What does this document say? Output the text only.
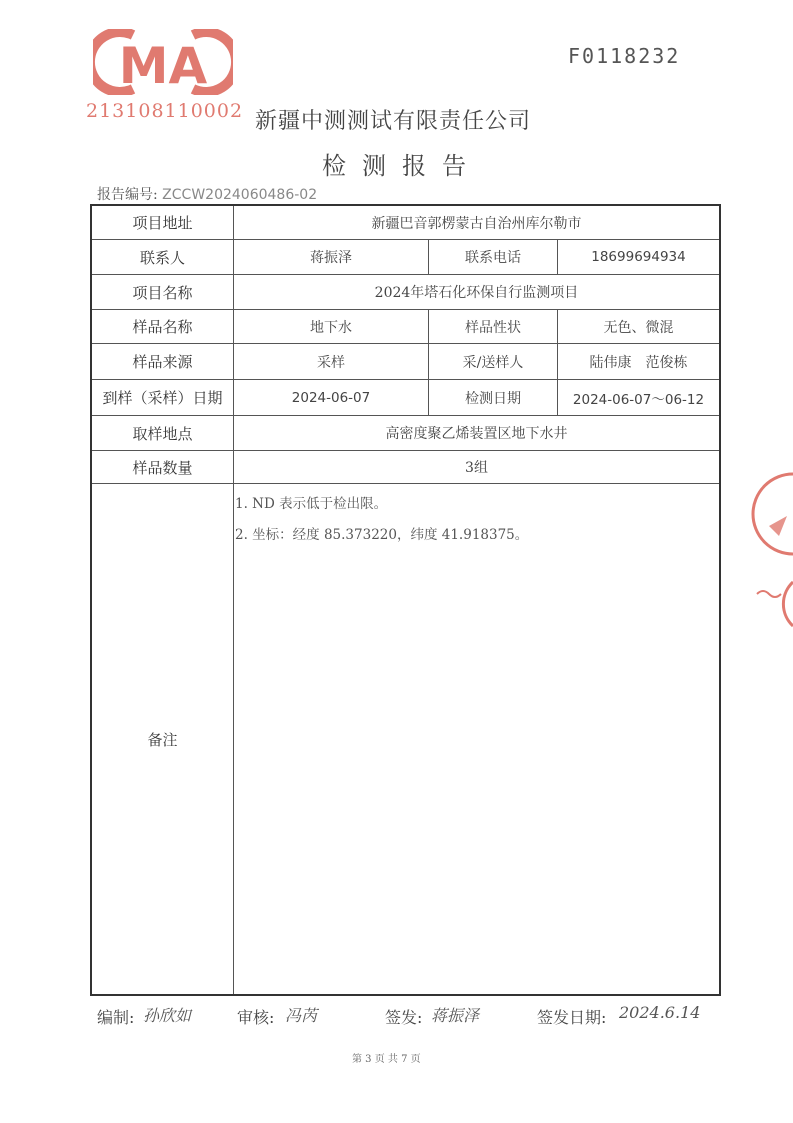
MA
213108110002 新疆中测测试有限责任公司
F0118232
检测报告
报告编号: ZCCW2024060486-02
项目地址	新疆巴音郭楞蒙古自治州库尔勒市
联系人	蒋振泽	联系电话	18699694934
项目名称	2024年塔石化环保自行监测项目
样品名称	地下水	样品性状	无色、微混
样品来源	采样	采/送样人	陆伟康　范俊栋
到样（采样）日期	2024-06-07	检测日期	2024-06-07～06-12
取样地点	高密度聚乙烯装置区地下水井
样品数量	3组
备注
1. ND 表示低于检出限。
2. 坐标：经度 85.373220，纬度 41.918375。
编制: 孙欣如	审核: 冯芮	签发: 蒋振泽	签发日期: 2024.6.14
第 3 页 共 7 页
